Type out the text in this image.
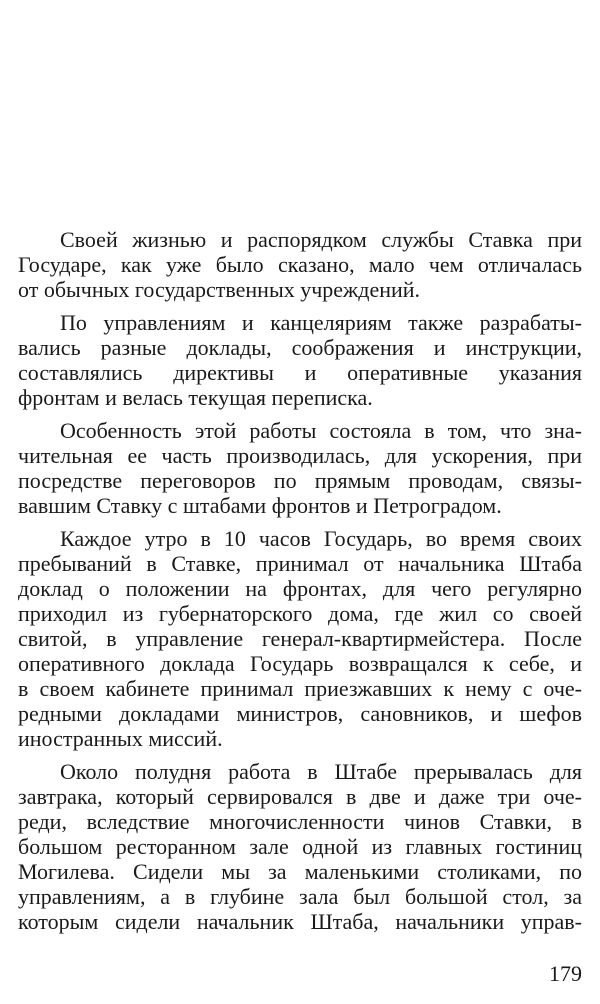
Своей жизнью и распорядком службы Ставка при
Государе, как уже было сказано, мало чем отличалась
от обычных государственных учреждений.
По управлениям и канцеляриям также разрабаты-
вались разные доклады, соображения и инструкции,
составлялись директивы и оперативные указания
фронтам и велась текущая переписка.
Особенность этой работы состояла в том, что зна-
чительная ее часть производилась, для ускорения, при
посредстве переговоров по прямым проводам, связы-
вавшим Ставку с штабами фронтов и Петроградом.
Каждое утро в 10 часов Государь, во время своих
пребываний в Ставке, принимал от начальника Штаба
доклад о положении на фронтах, для чего регулярно
приходил из губернаторского дома, где жил со своей
свитой, в управление генерал-квартирмейстера. После
оперативного доклада Государь возвращался к себе, и
в своем кабинете принимал приезжавших к нему с оче-
редными докладами министров, сановников, и шефов
иностранных миссий.
Около полудня работа в Штабе прерывалась для
завтрака, который сервировался в две и даже три оче-
реди, вследствие многочисленности чинов Ставки, в
большом ресторанном зале одной из главных гостиниц
Могилева. Сидели мы за маленькими столиками, по
управлениям, а в глубине зала был большой стол, за
которым сидели начальник Штаба, начальники управ-
179
